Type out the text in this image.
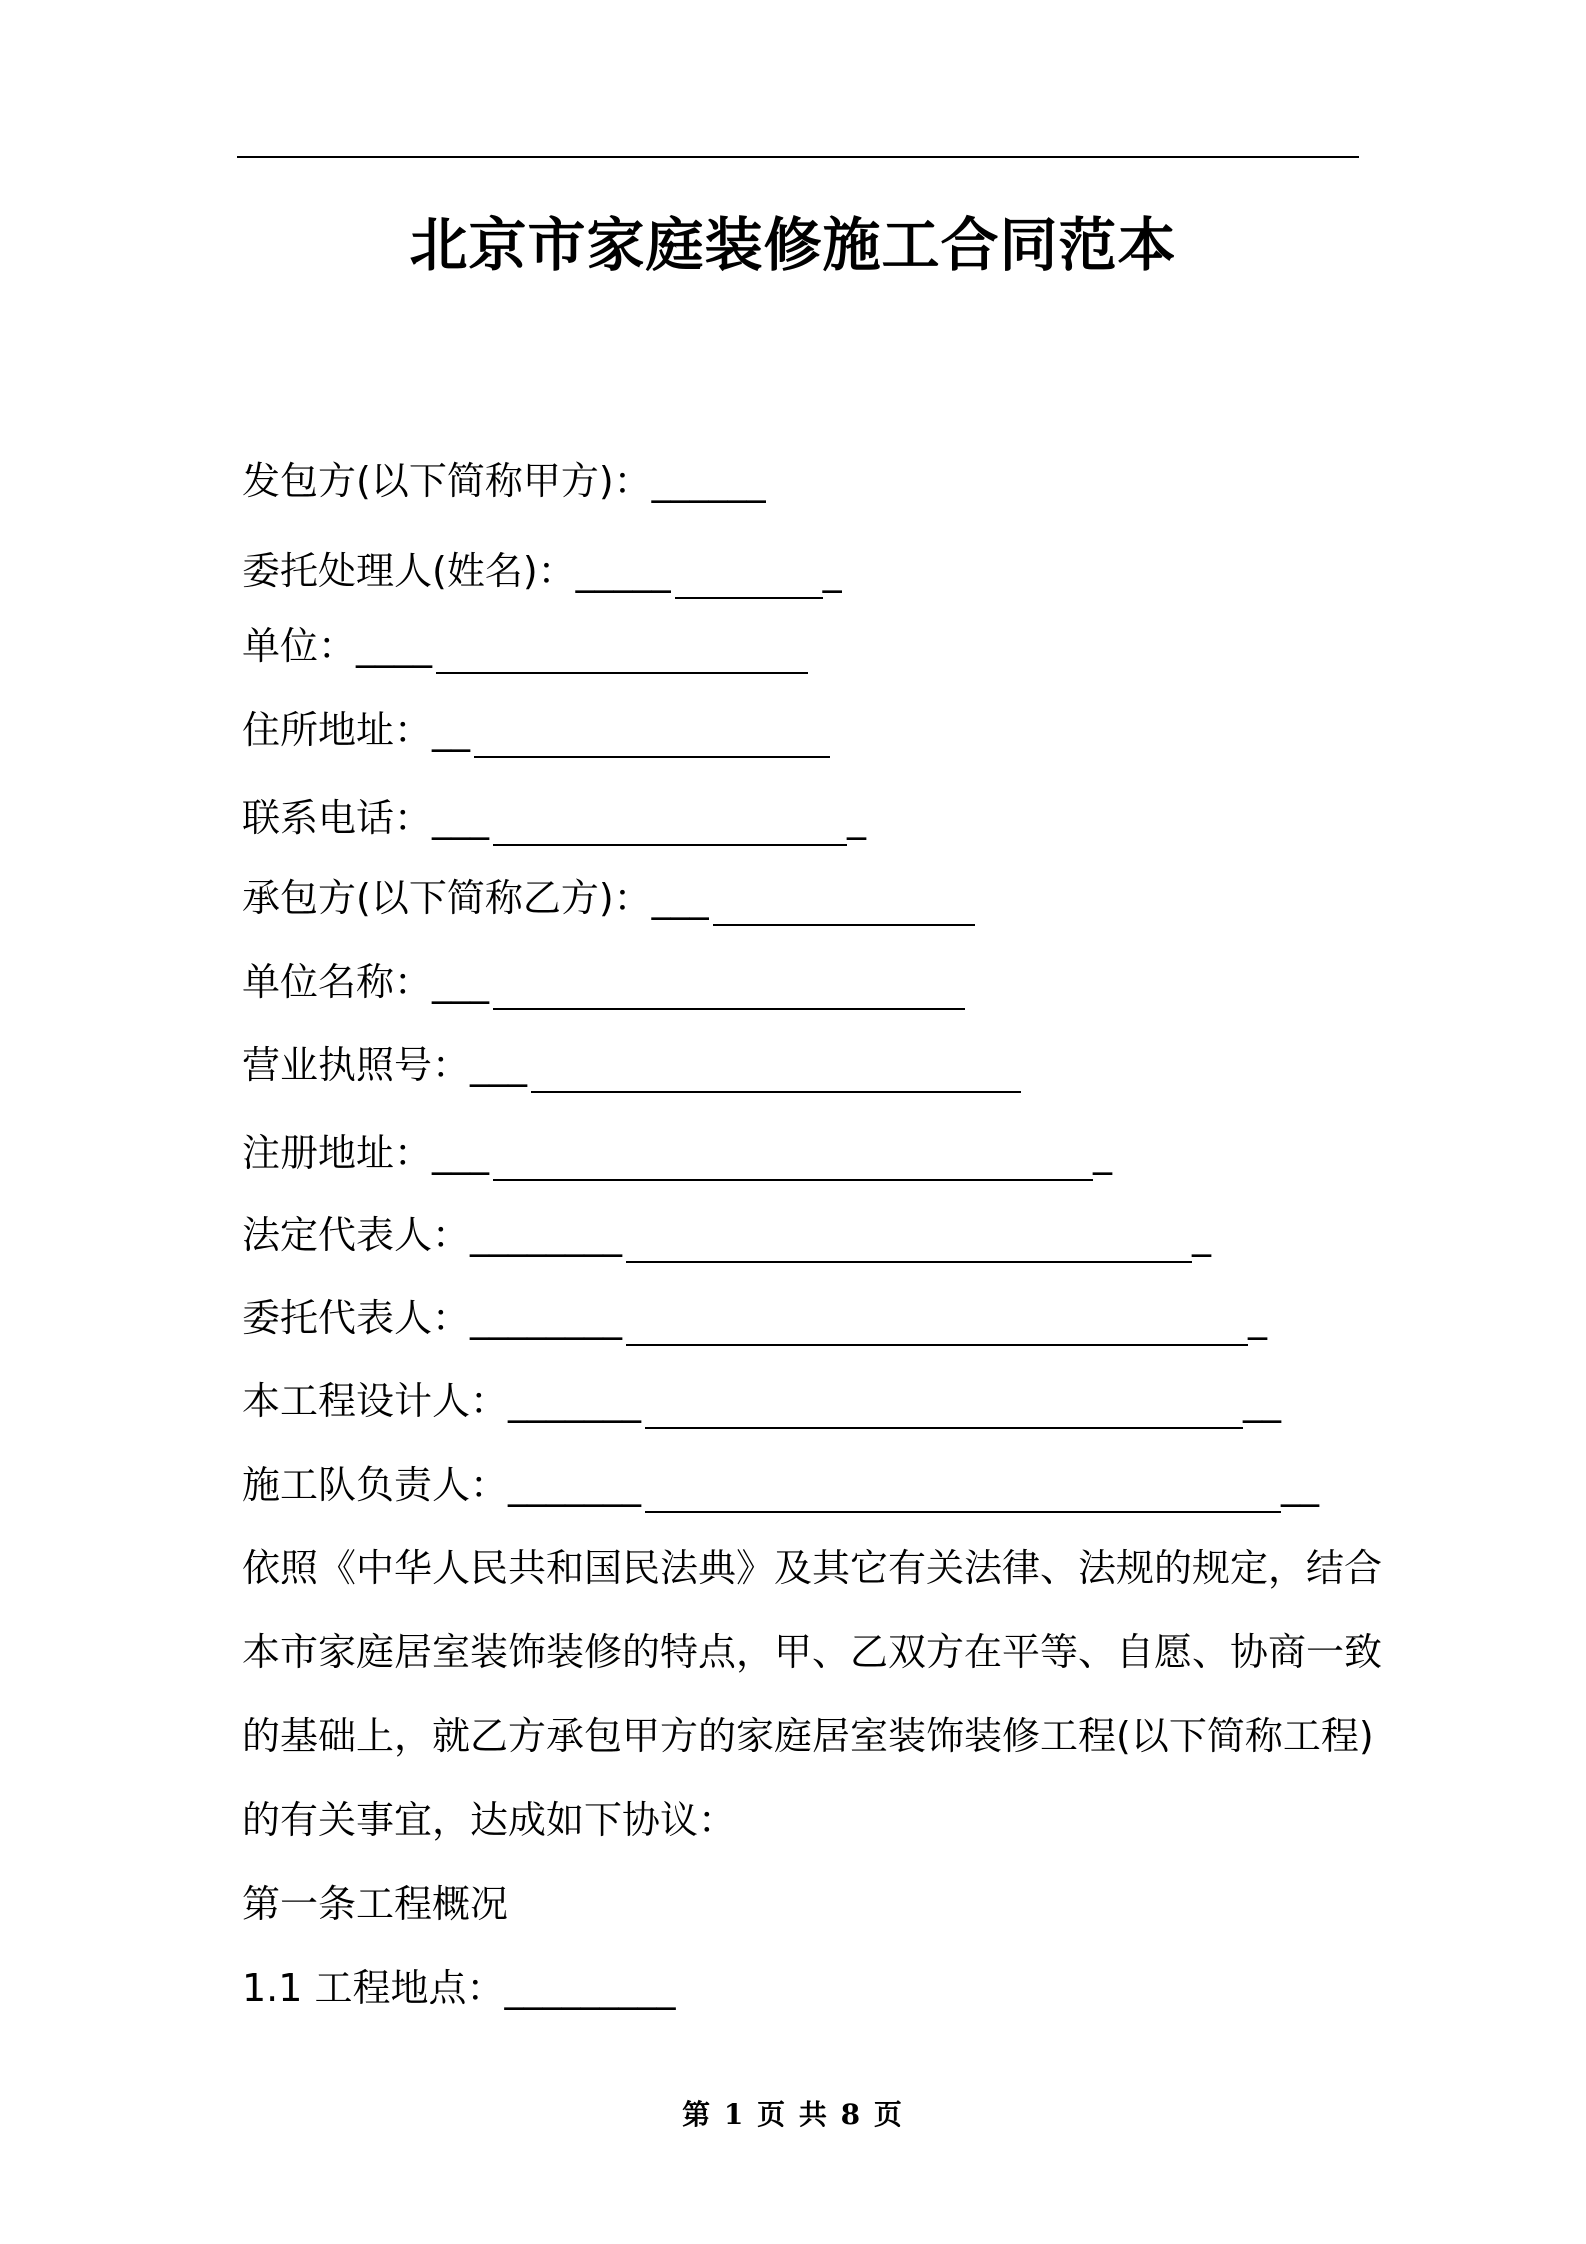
北京市家庭装修施工合同范本
发包方(以下简称甲方)：______
委托处理人(姓名)：_____	_
单位：____
住所地址：__
联系电话：___	_
承包方(以下简称乙方)：___
单位名称：___
营业执照号：___
注册地址：___	_
法定代表人：________	_
委托代表人：________	_
本工程设计人：_______	__
施工队负责人：_______	__
依照《中华人民共和国民法典》及其它有关法律、法规的规定，结合
本市家庭居室装饰装修的特点，甲、乙双方在平等、自愿、协商一致
的基础上，就乙方承包甲方的家庭居室装饰装修工程(以下简称工程)
的有关事宜，达成如下协议：
第一条工程概况
1.1 工程地点：_________
第 1 页 共 8 页
